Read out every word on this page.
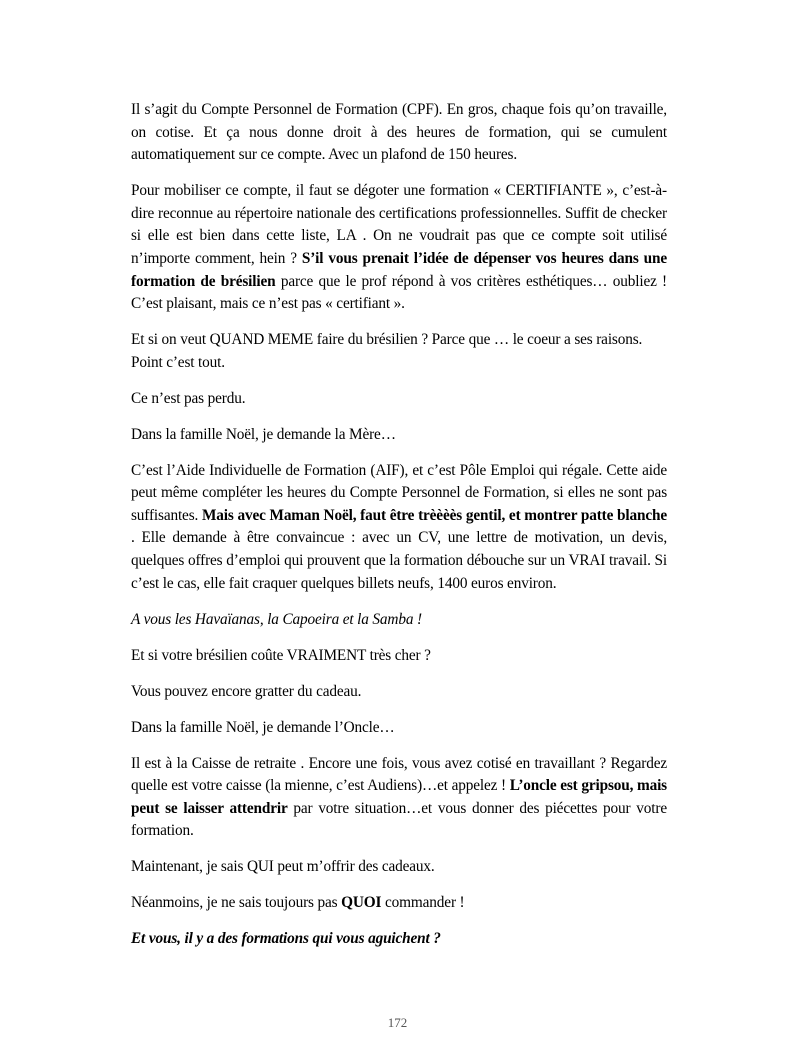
Il s’agit du Compte Personnel de Formation (CPF). En gros, chaque fois qu’on travaille, on cotise. Et ça nous donne droit à des heures de formation, qui se cumulent automatiquement sur ce compte. Avec un plafond de 150 heures.

Pour mobiliser ce compte, il faut se dégoter une formation « CERTIFIANTE », c’est-à-dire reconnue au répertoire nationale des certifications professionnelles. Suffit de checker si elle est bien dans cette liste, LA . On ne voudrait pas que ce compte soit utilisé n’importe comment, hein ? S’il vous prenait l’idée de dépenser vos heures dans une formation de brésilien parce que le prof répond à vos critères esthétiques… oubliez ! C’est plaisant, mais ce n’est pas « certifiant ».

Et si on veut QUAND MEME faire du brésilien ? Parce que … le coeur a ses raisons. Point c’est tout.

Ce n’est pas perdu.

Dans la famille Noël, je demande la Mère…

C’est l’Aide Individuelle de Formation (AIF), et c’est Pôle Emploi qui régale. Cette aide peut même compléter les heures du Compte Personnel de Formation, si elles ne sont pas suffisantes. Mais avec Maman Noël, faut être trèèèès gentil, et montrer patte blanche . Elle demande à être convaincue : avec un CV, une lettre de motivation, un devis, quelques offres d’emploi qui prouvent que la formation débouche sur un VRAI travail. Si c’est le cas, elle fait craquer quelques billets neufs, 1400 euros environ.

A vous les Havaïanas, la Capoeira et la Samba !

Et si votre brésilien coûte VRAIMENT très cher ?

Vous pouvez encore gratter du cadeau.

Dans la famille Noël, je demande l’Oncle…

Il est à la Caisse de retraite . Encore une fois, vous avez cotisé en travaillant ? Regardez quelle est votre caisse (la mienne, c’est Audiens)…et appelez ! L’oncle est gripsou, mais peut se laisser attendrir par votre situation…et vous donner des piécettes pour votre formation.

Maintenant, je sais QUI peut m’offrir des cadeaux.

Néanmoins, je ne sais toujours pas QUOI commander !

Et vous, il y a des formations qui vous aguichent ?

172
